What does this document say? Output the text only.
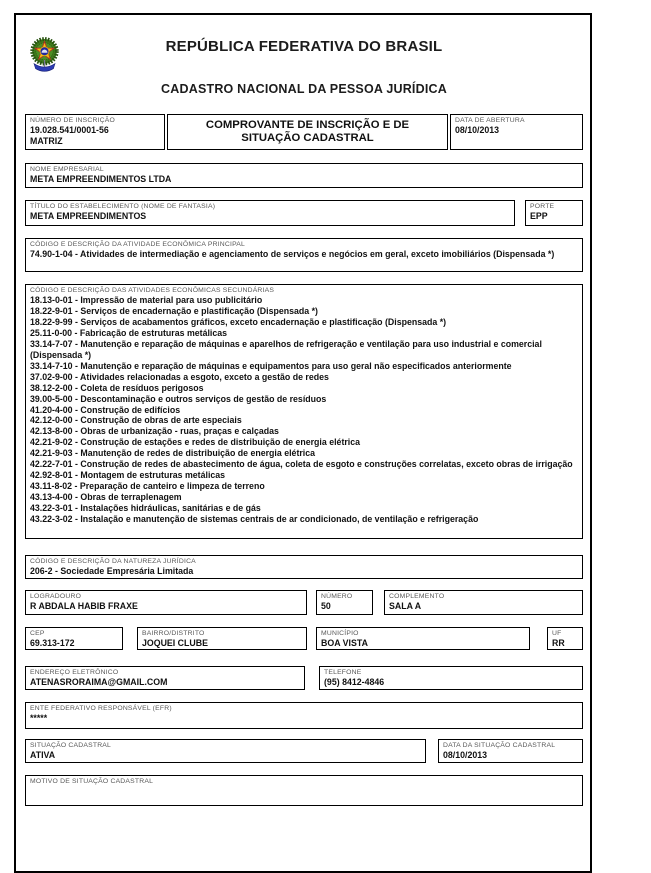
REPÚBLICA FEDERATIVA DO BRASIL
CADASTRO NACIONAL DA PESSOA JURÍDICA
NÚMERO DE INSCRIÇÃO
19.028.541/0001-56
MATRIZ
COMPROVANTE DE INSCRIÇÃO E DE SITUAÇÃO CADASTRAL
DATA DE ABERTURA
08/10/2013
NOME EMPRESARIAL
META EMPREENDIMENTOS LTDA
TÍTULO DO ESTABELECIMENTO (NOME DE FANTASIA)
META EMPREENDIMENTOS
PORTE
EPP
CÓDIGO E DESCRIÇÃO DA ATIVIDADE ECONÔMICA PRINCIPAL
74.90-1-04 - Atividades de intermediação e agenciamento de serviços e negócios em geral, exceto imobiliários (Dispensada *)
CÓDIGO E DESCRIÇÃO DAS ATIVIDADES ECONÔMICAS SECUNDÁRIAS
18.13-0-01 - Impressão de material para uso publicitário
18.22-9-01 - Serviços de encadernação e plastificação (Dispensada *)
18.22-9-99 - Serviços de acabamentos gráficos, exceto encadernação e plastificação (Dispensada *)
25.11-0-00 - Fabricação de estruturas metálicas
33.14-7-07 - Manutenção e reparação de máquinas e aparelhos de refrigeração e ventilação para uso industrial e comercial (Dispensada *)
33.14-7-10 - Manutenção e reparação de máquinas e equipamentos para uso geral não especificados anteriormente
37.02-9-00 - Atividades relacionadas a esgoto, exceto a gestão de redes
38.12-2-00 - Coleta de resíduos perigosos
39.00-5-00 - Descontaminação e outros serviços de gestão de resíduos
41.20-4-00 - Construção de edifícios
42.12-0-00 - Construção de obras de arte especiais
42.13-8-00 - Obras de urbanização - ruas, praças e calçadas
42.21-9-02 - Construção de estações e redes de distribuição de energia elétrica
42.21-9-03 - Manutenção de redes de distribuição de energia elétrica
42.22-7-01 - Construção de redes de abastecimento de água, coleta de esgoto e construções correlatas, exceto obras de irrigação
42.92-8-01 - Montagem de estruturas metálicas
43.11-8-02 - Preparação de canteiro e limpeza de terreno
43.13-4-00 - Obras de terraplenagem
43.22-3-01 - Instalações hidráulicas, sanitárias e de gás
43.22-3-02 - Instalação e manutenção de sistemas centrais de ar condicionado, de ventilação e refrigeração
CÓDIGO E DESCRIÇÃO DA NATUREZA JURÍDICA
206-2 - Sociedade Empresária Limitada
LOGRADOURO
R ABDALA HABIB FRAXE
NÚMERO
50
COMPLEMENTO
SALA A
CEP
69.313-172
BAIRRO/DISTRITO
JOQUEI CLUBE
MUNICÍPIO
BOA VISTA
UF
RR
ENDEREÇO ELETRÔNICO
ATENASRORAIMA@GMAIL.COM
TELEFONE
(95) 8412-4846
ENTE FEDERATIVO RESPONSÁVEL (EFR)
*****
SITUAÇÃO CADASTRAL
ATIVA
DATA DA SITUAÇÃO CADASTRAL
08/10/2013
MOTIVO DE SITUAÇÃO CADASTRAL
